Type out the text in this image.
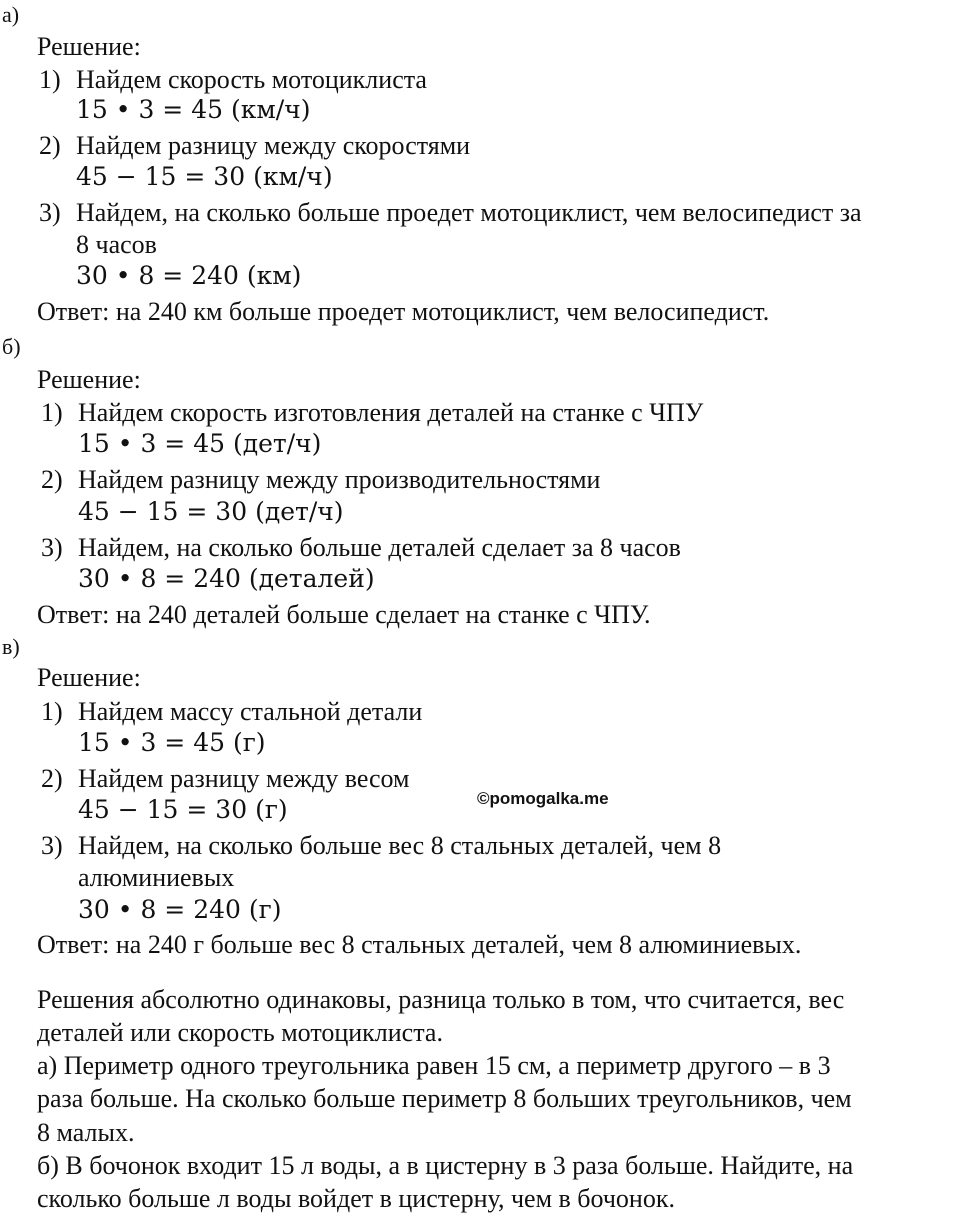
а)
Решение:
1) Найдем скорость мотоциклиста
15 • 3 = 45 (км/ч)
2) Найдем разницу между скоростями
45 − 15 = 30 (км/ч)
3) Найдем, на сколько больше проедет мотоциклист, чем велосипедист за
8 часов
30 • 8 = 240 (км)
Ответ: на 240 км больше проедет мотоциклист, чем велосипедист.
б)
Решение:
1) Найдем скорость изготовления деталей на станке с ЧПУ
15 • 3 = 45 (дет/ч)
2) Найдем разницу между производительностями
45 − 15 = 30 (дет/ч)
3) Найдем, на сколько больше деталей сделает за 8 часов
30 • 8 = 240 (деталей)
Ответ: на 240 деталей больше сделает на станке с ЧПУ.
в)
Решение:
1) Найдем массу стальной детали
15 • 3 = 45 (г)
2) Найдем разницу между весом
45 − 15 = 30 (г)	©pomogalka.me
3) Найдем, на сколько больше вес 8 стальных деталей, чем 8
алюминиевых
30 • 8 = 240 (г)
Ответ: на 240 г больше вес 8 стальных деталей, чем 8 алюминиевых.
Решения абсолютно одинаковы, разница только в том, что считается, вес
деталей или скорость мотоциклиста.
а) Периметр одного треугольника равен 15 см, а периметр другого – в 3
раза больше. На сколько больше периметр 8 больших треугольников, чем
8 малых.
б) В бочонок входит 15 л воды, а в цистерну в 3 раза больше. Найдите, на
сколько больше л воды войдет в цистерну, чем в бочонок.
